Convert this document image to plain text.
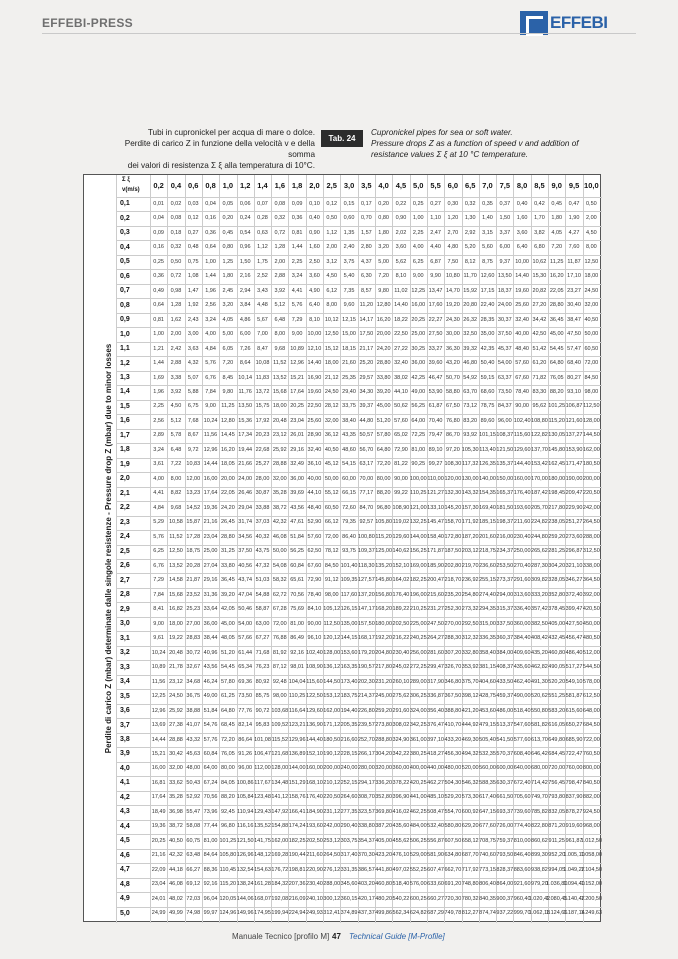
EFFEBI-PRESS	EFFEBI
Tubi in cupronickel per acqua di mare o dolce.
Perdite di carico Z in funzione della velocità v e della somma
dei valori di resistenza Σ ξ alla temperatura di 10°C.
Tab. 24
Cupronickel pipes for sea or soft water.
Pressure drops Z as a function of speed v and addition of
resistance values Σ ξ at 10 °C temperature.
Perdite di carico Z (mbar) determinate dalle singole resistenze - Pressure drop Z (mbar) due to minor losses
Σ ξ
v(m/s) 0,2 0,4 0,6 0,8 1,0 1,2 1,4 1,6 1,8 2,0 2,5 3,0 3,5 4,0 4,5 5,0 5,5 6,0 6,5 7,0 7,5 8,0 8,5 9,0 9,5 10,0
0,1
0,2
0,3
0,4
0,5
0,6
0,7
0,8
0,9
1,0
1,1
1,2
1,3
1,4
1,5
1,6
1,7
1,8
1,9
2,0
2,1
2,2
2,3
2,4
2,5
2,6
2,7
2,8
2,9
3,0
3,1
3,2
3,3
3,4
3,5
3,6
3,7
3,8
3,9
4,0
4,1
4,2
4,3
4,4
4,5
4,6
4,7
4,8
4,9
5,0
0,01 0,02 0,03 0,04 0,05 0,06 0,07 0,08 0,09 0,10 0,12 0,15 0,17 0,20 0,22 0,25 0,27 0,30 0,32 0,35 0,37 0,40 0,42 0,45 0,47 0,50
0,04 0,08 0,12 0,16 0,20 0,24 0,28 0,32 0,36 0,40 0,50 0,60 0,70 0,80 0,90 1,00 1,10 1,20 1,30 1,40 1,50 1,60 1,70 1,80 1,90 2,00
0,09 0,18 0,27 0,36 0,45 0,54 0,63 0,72 0,81 0,90 1,12 1,35 1,57 1,80 2,02 2,25 2,47 2,70 2,92 3,15 3,37 3,60 3,82 4,05 4,27 4,50
0,16 0,32 0,48 0,64 0,80 0,96 1,12 1,28 1,44 1,60 2,00 2,40 2,80 3,20 3,60 4,00 4,40 4,80 5,20 5,60 6,00 6,40 6,80 7,20 7,60 8,00
0,25 0,50 0,75 1,00 1,25 1,50 1,75 2,00 2,25 2,50 3,12 3,75 4,37 5,00 5,62 6,25 6,87 7,50 8,12 8,75 9,37 10,00 10,62 11,25 11,87 12,50
0,36 0,72 1,08 1,44 1,80 2,16 2,52 2,88 3,24 3,60 4,50 5,40 6,30 7,20 8,10 9,00 9,90 10,80 11,70 12,60 13,50 14,40 15,30 16,20 17,10 18,00
0,49 0,98 1,47 1,96 2,45 2,94 3,43 3,92 4,41 4,90 6,12 7,35 8,57 9,80 11,02 12,25 13,47 14,70 15,92 17,15 18,37 19,60 20,82 22,05 23,27 24,50
0,64 1,28 1,92 2,56 3,20 3,84 4,48 5,12 5,76 6,40 8,00 9,60 11,20 12,80 14,40 16,00 17,60 19,20 20,80 22,40 24,00 25,60 27,20 28,80 30,40 32,00
0,81 1,62 2,43 3,24 4,05 4,86 5,67 6,48 7,29 8,10 10,12 12,15 14,17 16,20 18,22 20,25 22,27 24,30 26,32 28,35 30,37 32,40 34,42 36,45 38,47 40,50
1,00 2,00 3,00 4,00 5,00 6,00 7,00 8,00 9,00 10,00 12,50 15,00 17,50 20,00 22,50 25,00 27,50 30,00 32,50 35,00 37,50 40,00 42,50 45,00 47,50 50,00
1,21 2,42 3,63 4,84 6,05 7,26 8,47 9,68 10,89 12,10 15,12 18,15 21,17 24,20 27,22 30,25 33,27 36,30 39,32 42,35 45,37 48,40 51,42 54,45 57,47 60,50
1,44 2,88 4,32 5,76 7,20 8,64 10,08 11,52 12,96 14,40 18,00 21,60 25,20 28,80 32,40 36,00 39,60 43,20 46,80 50,40 54,00 57,60 61,20 64,80 68,40 72,00
1,69 3,38 5,07 6,76 8,45 10,14 11,83 13,52 15,21 16,90 21,12 25,35 29,57 33,80 38,02 42,25 46,47 50,70 54,92 59,15 63,37 67,60 71,82 76,05 80,27 84,50
1,96 3,92 5,88 7,84 9,80 11,76 13,72 15,68 17,64 19,60 24,50 29,40 34,30 39,20 44,10 49,00 53,90 58,80 63,70 68,60 73,50 78,40 83,30 88,20 93,10 98,00
2,25 4,50 6,75 9,00 11,25 13,50 15,75 18,00 20,25 22,50 28,12 33,75 39,37 45,00 50,62 56,25 61,87 67,50 73,12 78,75 84,37 90,00 95,62 101,25 106,87 112,50
2,56 5,12 7,68 10,24 12,80 15,36 17,92 20,48 23,04 25,60 32,00 38,40 44,80 51,20 57,60 64,00 70,40 76,80 83,20 89,60 96,00 102,40 108,80 115,20 121,60 128,00
2,89 5,78 8,67 11,56 14,45 17,34 20,23 23,12 26,01 28,90 36,12 43,35 50,57 57,80 65,02 72,25 79,47 86,70 93,92 101,15 108,37 115,60 122,82 130,05 137,27 144,50
3,24 6,48 9,72 12,96 16,20 19,44 22,68 25,92 29,16 32,40 40,50 48,60 56,70 64,80 72,90 81,00 89,10 97,20 105,30 113,40 121,50 129,60 137,70 145,80 153,90 162,00
3,61 7,22 10,83 14,44 18,05 21,66 25,27 28,88 32,49 36,10 45,12 54,15 63,17 72,20 81,22 90,25 99,27 108,30 117,32 126,35 135,37 144,40 153,42 162,45 171,47 180,50
4,00 8,00 12,00 16,00 20,00 24,00 28,00 32,00 36,00 40,00 50,00 60,00 70,00 80,00 90,00 100,00 110,00 120,00 130,00 140,00 150,00 160,00 170,00 180,00 190,00 200,00
4,41 8,82 13,23 17,64 22,05 26,46 30,87 35,28 39,69 44,10 55,12 66,15 77,17 88,20 99,22 110,25 121,27 132,30 143,32 154,35 165,37 176,40 187,42 198,45 209,47 220,50
4,84 9,68 14,52 19,36 24,20 29,04 33,88 38,72 43,56 48,40 60,50 72,60 84,70 96,80 108,90 121,00 133,10 145,20 157,30 169,40 181,50 193,60 205,70 217,80 229,90 242,00
5,29 10,58 15,87 21,16 26,45 31,74 37,03 42,32 47,61 52,90 66,12 79,35 92,57 105,80 119,02 132,25 145,47 158,70 171,92 185,15 198,37 211,60 224,82 238,05 251,27 264,50
5,76 11,52 17,28 23,04 28,80 34,56 40,32 46,08 51,84 57,60 72,00 86,40 100,80 115,20 129,60 144,00 158,40 172,80 187,20 201,60 216,00 230,40 244,80 259,20 273,60 288,00
6,25 12,50 18,75 25,00 31,25 37,50 43,75 50,00 56,25 62,50 78,12 93,75 109,37 125,00 140,62 156,25 171,87 187,50 203,12 218,75 234,37 250,00 265,62 281,25 296,87 312,50
6,76 13,52 20,28 27,04 33,80 40,56 47,32 54,08 60,84 67,60 84,50 101,40 118,30 135,20 152,10 169,00 185,90 202,80 219,70 236,60 253,50 270,40 287,30 304,20 321,10 338,00
7,29 14,58 21,87 29,16 36,45 43,74 51,03 58,32 65,61 72,90 91,12 109,35 127,57 145,80 164,02 182,25 200,47 218,70 236,92 255,15 273,37 291,60 309,82 328,05 346,27 364,50
7,84 15,68 23,52 31,36 39,20 47,04 54,88 62,72 70,56 78,40 98,00 117,60 137,20 156,80 176,40 196,00 215,60 235,20 254,80 274,40 294,00 313,60 333,20 352,80 372,40 392,00
8,41 16,82 25,23 33,64 42,05 50,46 58,87 67,28 75,69 84,10 105,12 126,15 147,17 168,20 189,22 210,25 231,27 252,30 273,32 294,35 315,37 336,40 357,42 378,45 399,47 420,50
9,00 18,00 27,00 36,00 45,00 54,00 63,00 72,00 81,00 90,00 112,50 135,00 157,50 180,00 202,50 225,00 247,50 270,00 292,50 315,00 337,50 360,00 382,50 405,00 427,50 450,00
9,61 19,22 28,83 38,44 48,05 57,66 67,27 76,88 86,49 96,10 120,12 144,15 168,17 192,20 216,22 240,25 264,27 288,30 312,32 336,35 360,37 384,40 408,42 432,45 456,47 480,50
10,24 20,48 30,72 40,96 51,20 61,44 71,68 81,92 92,16 102,40 128,00 153,60 179,20 204,80 230,40 256,00 281,60 307,20 332,80 358,40 384,00 409,60 435,20 460,80 486,40 512,00
10,89 21,78 32,67 43,56 54,45 65,34 76,23 87,12 98,01 108,90 136,12 163,35 190,57 217,80 245,02 272,25 299,47 326,70 353,92 381,15 408,37 435,60 462,82 490,05 517,27 544,50
11,56 23,12 34,68 46,24 57,80 69,36 80,92 92,48 104,04 115,60 144,50 173,40 202,30 231,20 260,10 289,00 317,90 346,80 375,70 404,60 433,50 462,40 491,30 520,20 549,10 578,00
12,25 24,50 36,75 49,00 61,25 73,50 85,75 98,00 110,25 122,50 153,12 183,75 214,37 245,00 275,62 306,25 336,87 367,50 398,12 428,75 459,37 490,00 520,62 551,25 581,87 612,50
12,96 25,92 38,88 51,84 64,80 77,76 90,72 103,68 116,64 129,60 162,00 194,40 226,80 259,20 291,60 324,00 356,40 388,80 421,20 453,60 486,00 518,40 550,80 583,20 615,60 648,00
13,69 27,38 41,07 54,76 68,45 82,14 95,83 109,52 123,21 136,90 171,12 205,35 239,57 273,80 308,02 342,25 376,47 410,70 444,92 479,15 513,37 547,60 581,82 616,05 650,27 684,50
14,44 28,88 43,32 57,76 72,20 86,64 101,08 115,52 129,96 144,40 180,50 216,60 252,70 288,80 324,90 361,00 397,10 433,20 469,30 505,40 541,50 577,60 613,70 649,80 685,90 722,00
15,21 30,42 45,63 60,84 76,05 91,26 106,47 121,68 136,89 152,10 190,12 228,15 266,17 304,20 342,22 380,25 418,27 456,30 494,32 532,35 570,37 608,40 646,42 684,45 722,47 760,50
16,00 32,00 48,00 64,00 80,00 96,00 112,00 128,00 144,00 160,00 200,00 240,00 280,00 320,00 360,00 400,00 440,00 480,00 520,00 560,00 600,00 640,00 680,00 720,00 760,00 800,00
16,81 33,62 50,43 67,24 84,05 100,86 117,67 134,48 151,29 168,10 210,12 252,15 294,17 336,20 378,22 420,25 462,27 504,30 546,32 588,35 630,37 672,40 714,42 756,45 798,47 840,50
17,64 35,28 52,92 70,56 88,20 105,84 123,48 141,12 158,76 176,40 220,50 264,60 308,70 352,80 396,90 441,00 485,10 529,20 573,30 617,40 661,50 705,60 749,70 793,80 837,90 882,00
18,49 36,98 55,47 73,96 92,45 110,94 129,43 147,92 166,41 184,90 231,12 277,35 323,57 369,80 416,02 462,25 508,47 554,70 600,92 647,15 693,37 739,60 785,82 832,05 878,27 924,50
19,36 38,72 58,08 77,44 96,80 116,16 135,52 154,88 174,24 193,60 242,00 290,40 338,80 387,20 435,60 484,00 532,40 580,80 629,20 677,60 726,00 774,40 822,80 871,20 919,60 968,00
20,25 40,50 60,75 81,00 101,25 121,50 141,75 162,00 182,25 202,50 253,12 303,75 354,37 405,00 455,62 506,25 556,87 607,50 658,12 708,75 759,37 810,00 860,62 911,25 961,87
1.012,50
21,16 42,32 63,48 84,64 105,80 126,96 148,12 169,28 190,44 211,60 264,50 317,40 370,30 423,20 476,10 529,00 581,90 634,80 687,70 740,60 793,50 846,40 899,30 952,20
1.005,10
1.058,00
22,09 44,18 66,27 88,36 110,45 132,54 154,63 176,72 198,81 220,90 276,12 331,35 386,57 441,80 497,02 552,25 607,47 662,70 717,92 773,15 828,37 883,60 938,82 994,05
1.049,27
1.104,50
23,04 46,08 69,12 92,16 115,20 138,24 161,28 184,32 207,36 230,40 288,00 345,60 403,20 460,80 518,40 576,00 633,60 691,20 748,80 806,40 864,00 921,60 979,20
1.036,80
1.094,40
1.152,00
24,01 48,02 72,03 96,04 120,05 144,06 168,07 192,08 216,09 240,10 300,12 360,15 420,17 480,20 540,22 600,25 660,27 720,30 780,32 840,35 900,37 960,40
1.020,42
1.080,45
1.140,47
1.200,50
24,99 49,99 74,98 99,97 124,96 149,96 174,95 199,94 224,94 249,93 312,41 374,89 437,37 499,86 562,34 624,82 687,29 749,78 812,27 874,74 937,22 999,70
1.062,18
1.124,66
1.187,14
1.249,63
Manuale Tecnico [profilo M] 47 Technical Guide [M-Profile]
